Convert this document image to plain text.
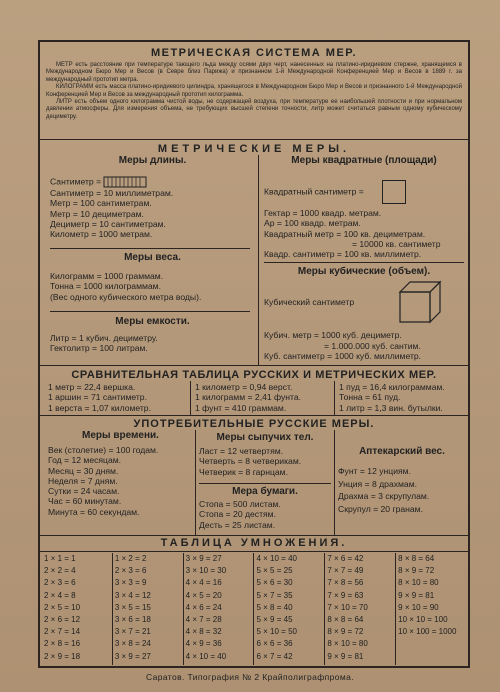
МЕТРИЧЕСКАЯ СИСТЕМА МЕР.
МЕТР есть расстояние при температуре тающего льда между осями двух черт, нанесенных на платино-иридиевом стержне, хранящемся в Международном Бюро Мер и Весов (в Севре близ Парижа) и признанном 1-й Международной Конференцией Мер и Весов в 1889 г. за международный прототип метра.
КИЛОГРАММ есть масса платино-иридиевого цилиндра, хранящегося в Международном Бюро Мер и Весов и признанного 1-й Международной Конференцией Мер и Весов за международный прототип килограмма.
ЛИТР есть объем одного килограмма чистой воды, не содержащей воздуха, при температуре ее наибольшей плотности и при нормальном давлении атмосферы. Для измерения объема, не требующих высшей степени точности, литр может считаться равным одному кубическому дециметру.
МЕТРИЧЕСКИЕ МЕРЫ.
Меры длины.
Сантиметр =
Сантиметр = 10 миллиметрам.
Метр = 100 сантиметрам.
Метр = 10 дециметрам.
Дециметр = 10 сантиметрам.
Километр = 1000 метрам.
Меры веса.
Килограмм = 1000 граммам.
Тонна = 1000 килограммам.
(Вес одного кубического метра воды).
Меры емкости.
Литр = 1 кубич. дециметру.
Гектолитр = 100 литрам.
Меры квадратные (площади)
Квадратный сантиметр =
Гектар = 1000 квадр. метрам.
Ар = 100 квадр. метрам.
Квадратный метр = 100 кв. дециметрам.
= 10000 кв. сантиметр
Квадр. сантиметр = 100 кв. миллиметр.
Меры кубические (объем).
Кубический сантиметр
Кубич. метр = 1000 куб. дециметр.
= 1.000.000 куб. сантим.
Куб. сантиметр = 1000 куб. миллиметр.
СРАВНИТЕЛЬНАЯ ТАБЛИЦА РУССКИХ И МЕТРИЧЕСКИХ МЕР.
1 метр = 22,4 вершка.
1 аршин = 71 сантиметр.
1 верста = 1,07 километр.
1 километр = 0,94 верст.
1 килограмм = 2,41 фунта.
1 фунт = 410 граммам.
1 пуд = 16,4 килограммам.
Тонна = 61 пуд.
1 литр = 1,3 вин. бутылки.
УПОТРЕБИТЕЛЬНЫЕ РУССКИЕ МЕРЫ.
Меры времени.
Век (столетие) = 100 годам.
Год = 12 месяцам.
Месяц = 30 дням.
Неделя = 7 дням.
Сутки = 24 часам.
Час = 60 минутам.
Минута = 60 секундам.
Меры сыпучих тел.
Ласт = 12 четвертям.
Четверть = 8 четверикам.
Четверик = 8 гарнцам.
Мера бумаги.
Стопа = 500 листам.
Стопа = 20 дестям.
Десть = 25 листам.
Аптекарский вес.
Фунт = 12 унциям.
Унция = 8 драхмам.
Драхма = 3 скрупулам.
Скрупул = 20 гранам.
ТАБЛИЦА УМНОЖЕНИЯ.
1 × 1 = 1
2 × 2 = 4
2 × 3 = 6
2 × 4 = 8
2 × 5 = 10
2 × 6 = 12
2 × 7 = 14
2 × 8 = 16
2 × 9 = 18
1 × 2 = 2
2 × 3 = 6
3 × 3 = 9
3 × 4 = 12
3 × 5 = 15
3 × 6 = 18
3 × 7 = 21
3 × 8 = 24
3 × 9 = 27
3 × 9 = 27
3 × 10 = 30
4 × 4 = 16
4 × 5 = 20
4 × 6 = 24
4 × 7 = 28
4 × 8 = 32
4 × 9 = 36
4 × 10 = 40
4 × 10 = 40
5 × 5 = 25
5 × 6 = 30
5 × 7 = 35
5 × 8 = 40
5 × 9 = 45
5 × 10 = 50
6 × 6 = 36
6 × 7 = 42
7 × 6 = 42
7 × 7 = 49
7 × 8 = 56
7 × 9 = 63
7 × 10 = 70
8 × 8 = 64
8 × 9 = 72
8 × 10 = 80
9 × 9 = 81
8 × 8 = 64
8 × 9 = 72
8 × 10 = 80
9 × 9 = 81
9 × 10 = 90
10 × 10 = 100
10 × 100 = 1000
Саратов. Типография № 2 Крайполиграфпрома.
